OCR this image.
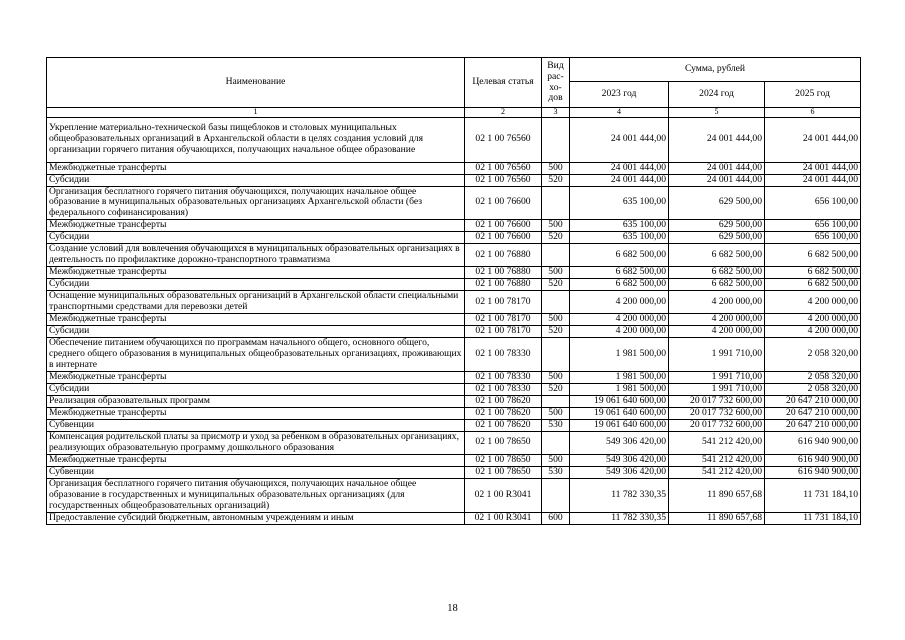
Наименование	Целевая статья	Вид рас-хо-дов	Сумма, рублей		
			2023 год	2024 год	2025 год
1	2	3	4	5	6
Укрепление материально-технической базы пищеблоков и столовых муниципальных общеобразовательных организаций в Архангельской области в целях создания условий для организации горячего питания обучающихся, получающих начальное общее образование	02 1 00 76560		24 001 444,00	24 001 444,00	24 001 444,00
Межбюджетные трансферты	02 1 00 76560	500	24 001 444,00	24 001 444,00	24 001 444,00
Субсидии	02 1 00 76560	520	24 001 444,00	24 001 444,00	24 001 444,00
Организация бесплатного горячего питания обучающихся, получающих начальное общее образование в муниципальных образовательных организациях Архангельской области (без федерального софинансирования)	02 1 00 76600		635 100,00	629 500,00	656 100,00
Межбюджетные трансферты	02 1 00 76600	500	635 100,00	629 500,00	656 100,00
Субсидии	02 1 00 76600	520	635 100,00	629 500,00	656 100,00
Создание условий для вовлечения обучающихся в муниципальных образовательных организациях в деятельность по профилактике дорожно-транспортного травматизма	02 1 00 76880		6 682 500,00	6 682 500,00	6 682 500,00
Межбюджетные трансферты	02 1 00 76880	500	6 682 500,00	6 682 500,00	6 682 500,00
Субсидии	02 1 00 76880	520	6 682 500,00	6 682 500,00	6 682 500,00
Оснащение муниципальных образовательных организаций в Архангельской области специальными транспортными средствами для перевозки детей	02 1 00 78170		4 200 000,00	4 200 000,00	4 200 000,00
Межбюджетные трансферты	02 1 00 78170	500	4 200 000,00	4 200 000,00	4 200 000,00
Субсидии	02 1 00 78170	520	4 200 000,00	4 200 000,00	4 200 000,00
Обеспечение питанием обучающихся по программам начального общего, основного общего, среднего общего образования в муниципальных общеобразовательных организациях, проживающих в интернате	02 1 00 78330		1 981 500,00	1 991 710,00	2 058 320,00
Межбюджетные трансферты	02 1 00 78330	500	1 981 500,00	1 991 710,00	2 058 320,00
Субсидии	02 1 00 78330	520	1 981 500,00	1 991 710,00	2 058 320,00
Реализация образовательных программ	02 1 00 78620		19 061 640 600,00	20 017 732 600,00	20 647 210 000,00
Межбюджетные трансферты	02 1 00 78620	500	19 061 640 600,00	20 017 732 600,00	20 647 210 000,00
Субвенции	02 1 00 78620	530	19 061 640 600,00	20 017 732 600,00	20 647 210 000,00
Компенсация родительской платы за присмотр и уход за ребенком в образовательных организациях, реализующих образовательную программу дошкольного образования	02 1 00 78650		549 306 420,00	541 212 420,00	616 940 900,00
Межбюджетные трансферты	02 1 00 78650	500	549 306 420,00	541 212 420,00	616 940 900,00
Субвенции	02 1 00 78650	530	549 306 420,00	541 212 420,00	616 940 900,00
Организация бесплатного горячего питания обучающихся, получающих начальное общее образование в государственных и муниципальных образовательных организациях (для государственных общеобразовательных организаций)	02 1 00 R3041		11 782 330,35	11 890 657,68	11 731 184,10
Предоставление субсидий бюджетным, автономным учреждениям и иным	02 1 00 R3041	600	11 782 330,35	11 890 657,68	11 731 184,10
18
